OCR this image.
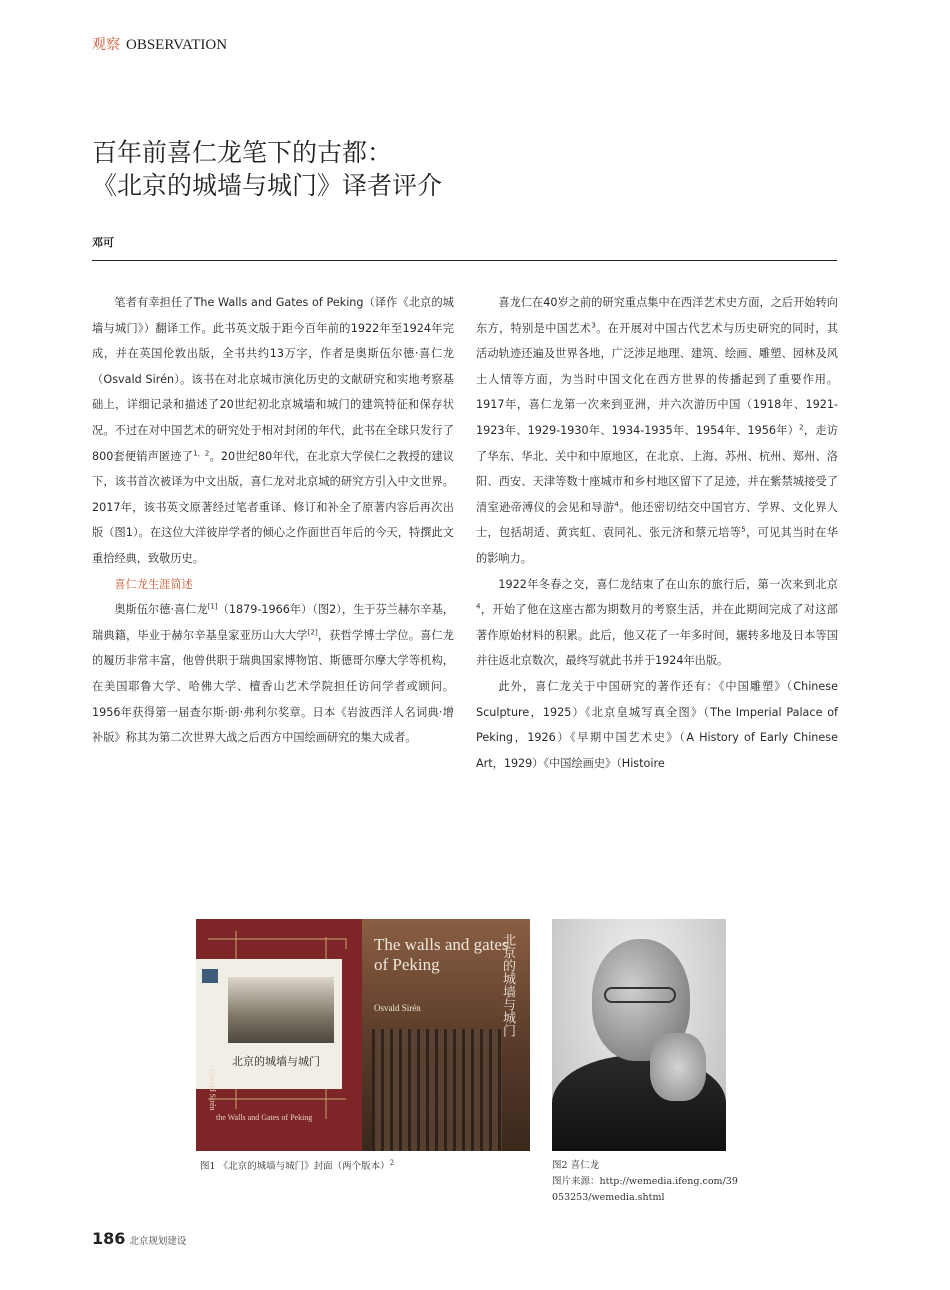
观察 OBSERVATION
百年前喜仁龙笔下的古都：
《北京的城墙与城门》译者评介
邓可

笔者有幸担任了The Walls and Gates of Peking（译作《北京的城墙与城门》）翻译工作。此书英文版于距今百年前的1922年至1924年完成，并在英国伦敦出版，全书共约13万字，作者是奥斯伍尔德·喜仁龙（Osvald Sirén）。该书在对北京城市演化历史的文献研究和实地考察基础上，详细记录和描述了20世纪初北京城墙和城门的建筑特征和保存状况。不过在对中国艺术的研究处于相对封闭的年代，此书在全球只发行了800套便销声匿迹了$^{1,2}$。20世纪80年代，在北京大学侯仁之教授的建议下，该书首次被译为中文出版，喜仁龙对北京城的研究方引入中文世界。2017年，该书英文原著经过笔者重译、修订和补全了原著内容后再次出版（图1）。在这位大洋彼岸学者的倾心之作面世百年后的今天，特撰此文重拾经典，致敬历史。

喜仁龙生涯简述

奥斯伍尔德·喜仁龙[1]（1879-1966年）（图2），生于芬兰赫尔辛基，瑞典籍，毕业于赫尔辛基皇家亚历山大大学[2]，获哲学博士学位。喜仁龙的履历非常丰富，他曾供职于瑞典国家博物馆、斯德哥尔摩大学等机构，在美国耶鲁大学、哈佛大学、檀香山艺术学院担任访问学者或顾问。1956年获得第一届查尔斯·朗·弗利尔奖章。日本《岩波西洋人名词典·增补版》称其为第二次世界大战之后西方中国绘画研究的集大成者。

喜龙仁在40岁之前的研究重点集中在西洋艺术史方面，之后开始转向东方，特别是中国艺术$^3$。在开展对中国古代艺术与历史研究的同时，其活动轨迹还遍及世界各地，广泛涉足地理、建筑、绘画、雕塑、园林及风土人情等方面，为当时中国文化在西方世界的传播起到了重要作用。1917年，喜仁龙第一次来到亚洲，并六次游历中国（1918年、1921-1923年、1929-1930年、1934-1935年、1954年、1956年）$^2$，走访了华东、华北、关中和中原地区，在北京、上海、苏州、杭州、郑州、洛阳、西安、天津等数十座城市和乡村地区留下了足迹，并在紫禁城接受了清室逊帝溥仪的会见和导游$^4$。他还密切结交中国官方、学界、文化界人士，包括胡适、黄宾虹、袁同礼、张元济和蔡元培等$^5$，可见其当时在华的影响力。

1922年冬春之交，喜仁龙结束了在山东的旅行后，第一次来到北京$^4$，开始了他在这座古都为期数月的考察生活，并在此期间完成了对这部著作原始材料的积累。此后，他又花了一年多时间，辗转多地及日本等国并往返北京数次，最终写就此书并于1924年出版。

此外，喜仁龙关于中国研究的著作还有：《中国雕塑》（Chinese Sculpture，1925）《北京皇城写真全图》（The Imperial Palace of Peking，1926）《早期中国艺术史》（A History of Early Chinese Art，1929）《中国绘画史》（Histoire

北京的城墙与城门
Osvald Sirén
the Walls and Gates of Peking
The walls and gates of Peking
Osvald Sirén	北京的城墙与城门
图1 《北京的城墙与城门》封面（两个版本）$^2$	图2 喜仁龙
图片来源：http://wemedia.ifeng.com/39053253/wemedia.shtml
186 北京规划建设
